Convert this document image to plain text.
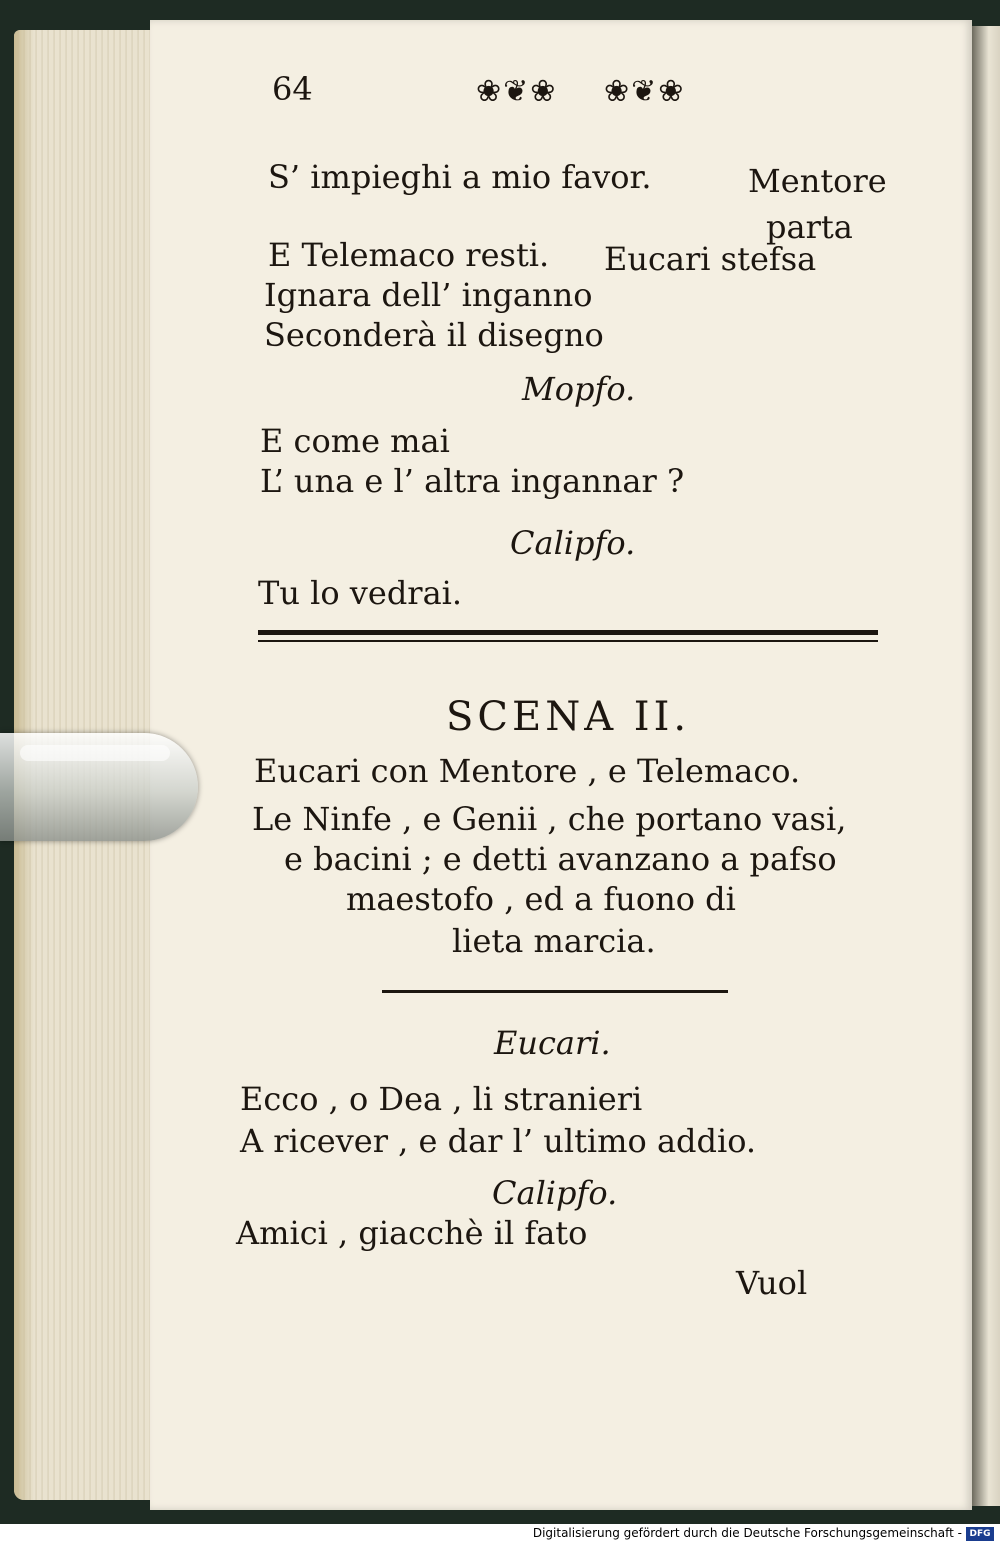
64	❀❦❀ ❀❦❀
S’ impieghi a mio favor.	Mentore
parta
E Telemaco resti. Eucari stefsa
Ignara dell’ inganno
Seconderà il disegno
Mopfo.
E come mai
L’ una e l’ altra ingannar ?
Calipfo.
Tu lo vedrai.
SCENA II.
Eucari con Mentore , e Telemaco.
Le Ninfe , e Genii , che portano vasi,
e bacini ; e detti avanzano a pafso
maestofo , ed a fuono di
lieta marcia.
Eucari.
Ecco , o Dea , li stranieri
A ricever , e dar l’ ultimo addio.
Calipfo.
Amici , giacchè il fato
Vuol
Digitalisierung gefördert durch die Deutsche Forschungsgemeinschaft - DFG
